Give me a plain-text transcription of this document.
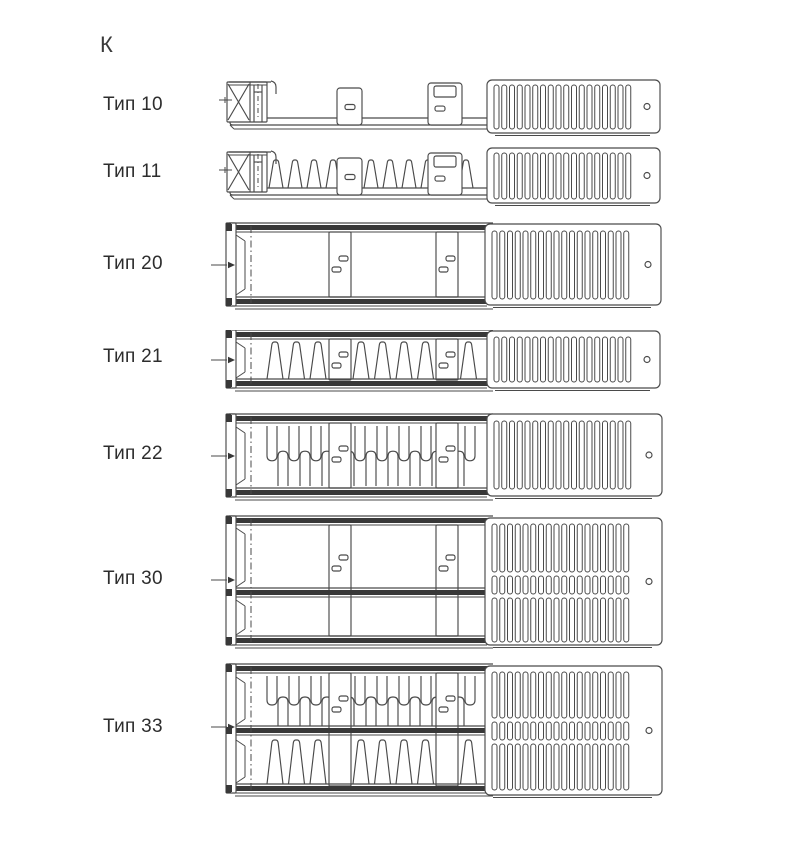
К
Тип 10
Тип 11
Тип 20
Тип 21
Тип 22
Тип 30
Тип 33
